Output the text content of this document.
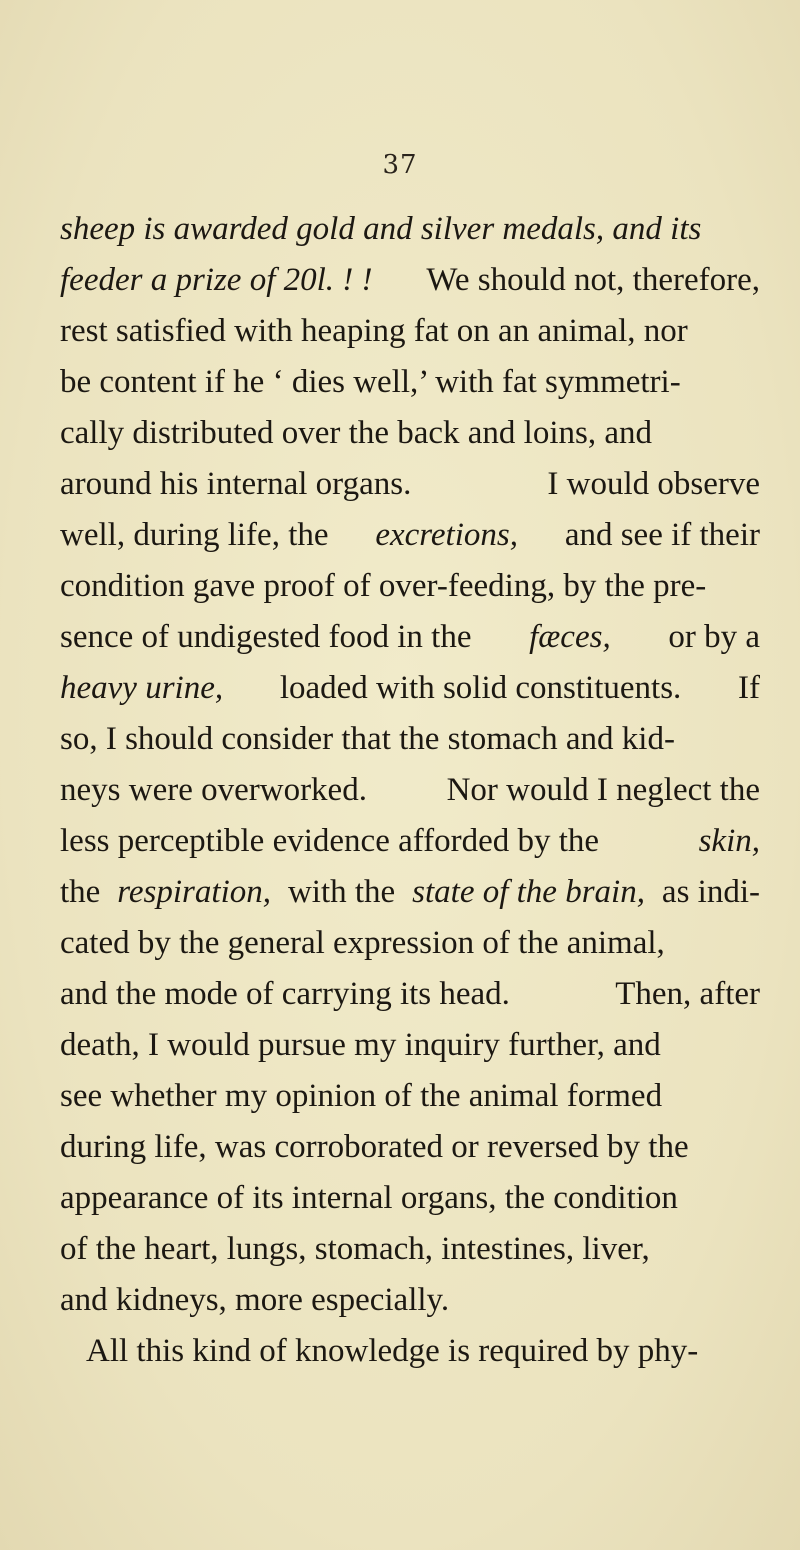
37
sheep is awarded gold and silver medals, and its
feeder a prize of 20l. ! ! We should not, therefore,
rest satisfied with heaping fat on an animal, nor
be content if he ‘ dies well,’ with fat symmetri-
cally distributed over the back and loins, and
around his internal organs.	I would observe
well, during life, the excretions, and see if their
condition gave proof of over-feeding, by the pre-
sence of undigested food in the fæces, or by a
heavy urine, loaded with solid constituents. If
so, I should consider that the stomach and kid-
neys were overworked. Nor would I neglect the
less perceptible evidence afforded by the	skin,
the respiration, with the state of the brain, as indi-
cated by the general expression of the animal,
and the mode of carrying its head.	Then, after
death, I would pursue my inquiry further, and
see whether my opinion of the animal formed
during life, was corroborated or reversed by the
appearance of its internal organs, the condition
of the heart, lungs, stomach, intestines, liver,
and kidneys, more especially.
All this kind of knowledge is required by phy-
